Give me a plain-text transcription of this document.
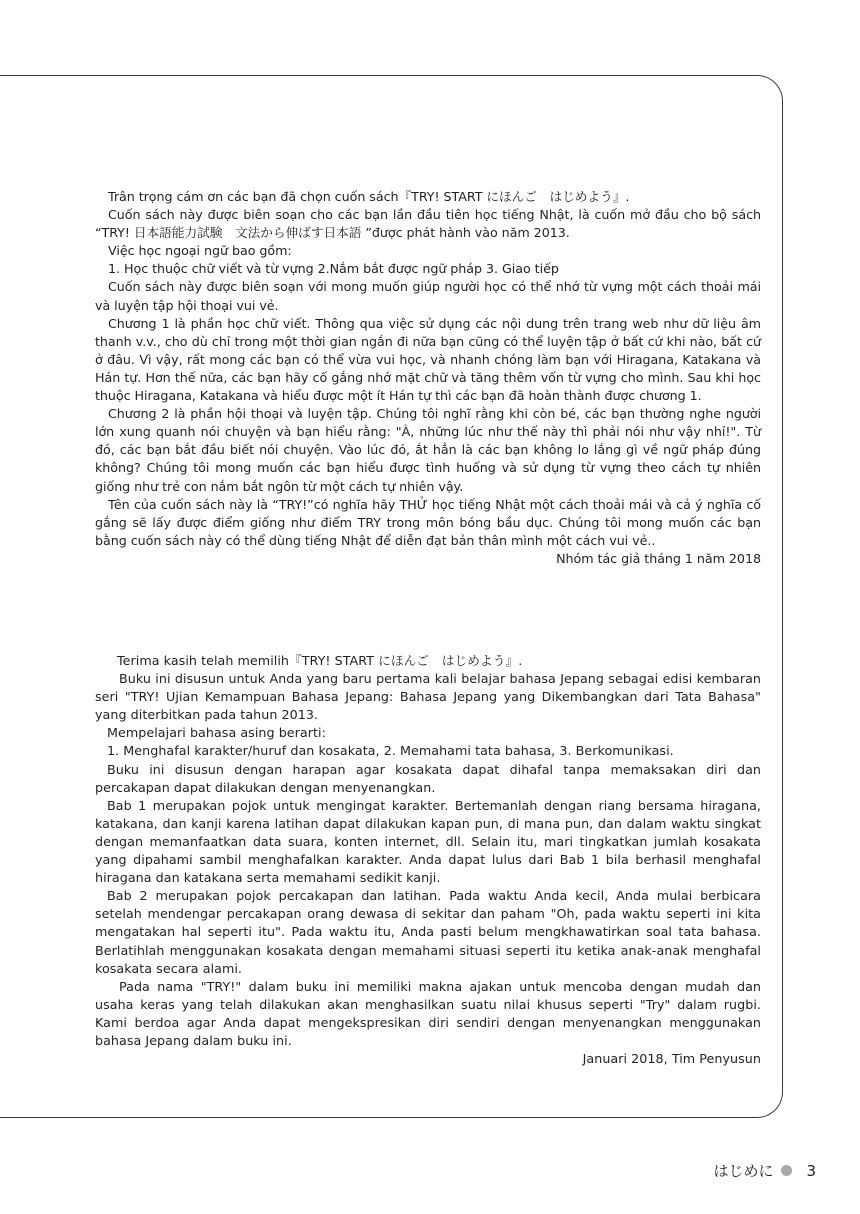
Trân trọng cám ơn các bạn đã chọn cuốn sách『TRY! START にほんご　はじめよう』.

Cuốn sách này được biên soạn cho các bạn lần đầu tiên học tiếng Nhật, là cuốn mở đầu cho bộ sách “TRY! 日本語能力試験　文法から伸ばす日本語 ”được phát hành vào năm 2013.

Việc học ngoại ngữ bao gồm:

1. Học thuộc chữ viết và từ vựng 2.Nắm bắt được ngữ pháp 3. Giao tiếp

Cuốn sách này được biên soạn với mong muốn giúp người học có thể nhớ từ vựng một cách thoải mái và luyện tập hội thoại vui vẻ.

Chương 1 là phần học chữ viết. Thông qua việc sử dụng các nội dung trên trang web như dữ liệu âm thanh v.v., cho dù chỉ trong một thời gian ngắn đi nữa bạn cũng có thể luyện tập ở bất cứ khi nào, bất cứ ở đâu. Vì vậy, rất mong các bạn có thể vừa vui học, và nhanh chóng làm bạn với Hiragana, Katakana và Hán tự. Hơn thế nữa, các bạn hãy cố gắng nhớ mặt chữ và tăng thêm vốn từ vựng cho mình. Sau khi học thuộc Hiragana, Katakana và hiểu được một ít Hán tự thì các bạn đã hoàn thành được chương 1.

Chương 2 là phần hội thoại và luyện tập. Chúng tôi nghĩ rằng khi còn bé, các bạn thường nghe người lớn xung quanh nói chuyện và bạn hiểu rằng: "À, những lúc như thế này thì phải nói như vậy nhỉ!". Từ đó, các bạn bắt đầu biết nói chuyện. Vào lúc đó, ắt hẳn là các bạn không lo lắng gì về ngữ pháp đúng không? Chúng tôi mong muốn các bạn hiểu được tình huống và sử dụng từ vựng theo cách tự nhiên giống như trẻ con nắm bắt ngôn từ một cách tự nhiên vậy.

Tên của cuốn sách này là “TRY!”có nghĩa hãy THỬ học tiếng Nhật một cách thoải mái và cả ý nghĩa cố gắng sẽ lấy được điểm giống như điểm TRY trong môn bóng bầu dục. Chúng tôi mong muốn các bạn bằng cuốn sách này có thể dùng tiếng Nhật để diễn đạt bản thân mình một cách vui vẻ..

Nhóm tác giả tháng 1 năm 2018

Terima kasih telah memilih『TRY! START にほんご　はじめよう』.

Buku ini disusun untuk Anda yang baru pertama kali belajar bahasa Jepang sebagai edisi kembaran seri "TRY! Ujian Kemampuan Bahasa Jepang: Bahasa Jepang yang Dikembangkan dari Tata Bahasa" yang diterbitkan pada tahun 2013.

Mempelajari bahasa asing berarti:

1. Menghafal karakter/huruf dan kosakata, 2. Memahami tata bahasa, 3. Berkomunikasi.

Buku ini disusun dengan harapan agar kosakata dapat dihafal tanpa memaksakan diri dan percakapan dapat dilakukan dengan menyenangkan.

Bab 1 merupakan pojok untuk mengingat karakter. Bertemanlah dengan riang bersama hiragana, katakana, dan kanji karena latihan dapat dilakukan kapan pun, di mana pun, dan dalam waktu singkat dengan memanfaatkan data suara, konten internet, dll. Selain itu, mari tingkatkan jumlah kosakata yang dipahami sambil menghafalkan karakter. Anda dapat lulus dari Bab 1 bila berhasil menghafal hiragana dan katakana serta memahami sedikit kanji.

Bab 2 merupakan pojok percakapan dan latihan. Pada waktu Anda kecil, Anda mulai berbicara setelah mendengar percakapan orang dewasa di sekitar dan paham "Oh, pada waktu seperti ini kita mengatakan hal seperti itu". Pada waktu itu, Anda pasti belum mengkhawatirkan soal tata bahasa. Berlatihlah menggunakan kosakata dengan memahami situasi seperti itu ketika anak-anak menghafal kosakata secara alami.

Pada nama "TRY!" dalam buku ini memiliki makna ajakan untuk mencoba dengan mudah dan usaha keras yang telah dilakukan akan menghasilkan suatu nilai khusus seperti "Try" dalam rugbi. Kami berdoa agar Anda dapat mengekspresikan diri sendiri dengan menyenangkan menggunakan bahasa Jepang dalam buku ini.

Januari 2018, Tim Penyusun

はじめに 3
